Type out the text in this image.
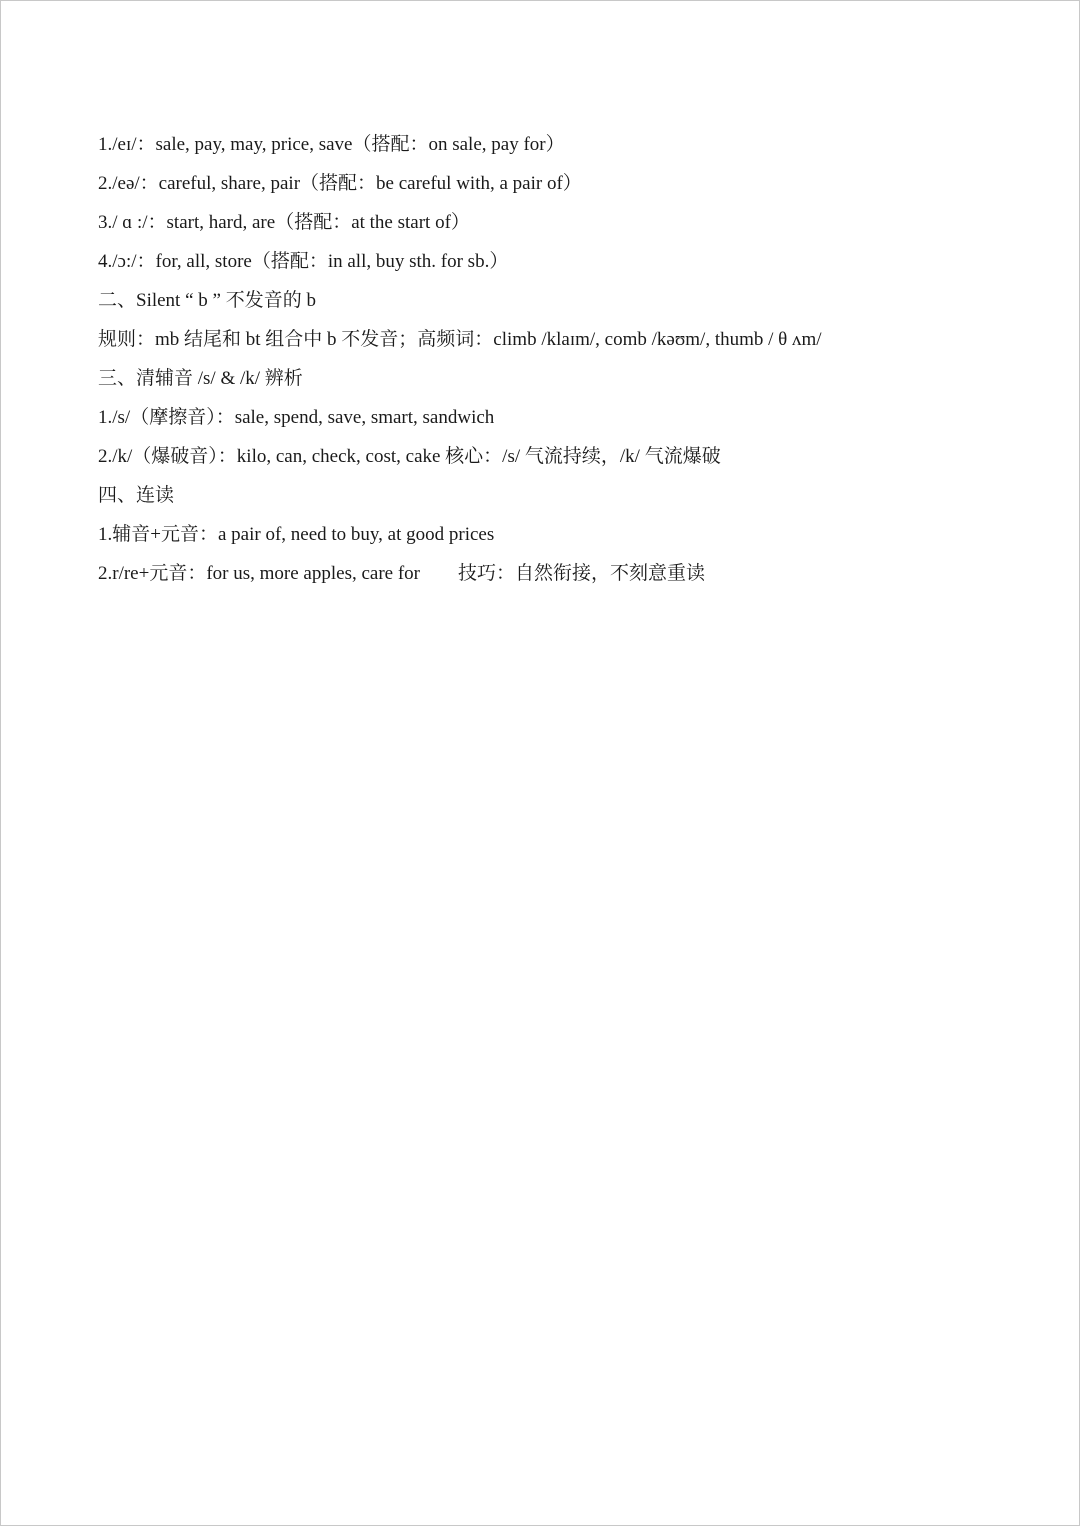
1./eɪ/：sale, pay, may, price, save（搭配：on sale, pay for）
2./eə/：careful, share, pair（搭配：be careful with, a pair of）
3./ ɑ :/：start, hard, are（搭配：at the start of）
4./ɔ:/：for, all, store（搭配：in all, buy sth. for sb.）
二、Silent “ b ” 不发音的 b
规则：mb 结尾和 bt 组合中 b 不发音；高频词：climb /klaɪm/, comb /kəʊm/, thumb / θ ʌm/
三、清辅音 /s/ & /k/ 辨析
1./s/（摩擦音）：sale, spend, save, smart, sandwich
2./k/（爆破音）：kilo, can, check, cost, cake 核心：/s/ 气流持续，/k/ 气流爆破
四、连读
1.辅音+元音：a pair of, need to buy, at good prices
2.r/re+元音：for us, more apples, care for　　技巧：自然衔接，不刻意重读
